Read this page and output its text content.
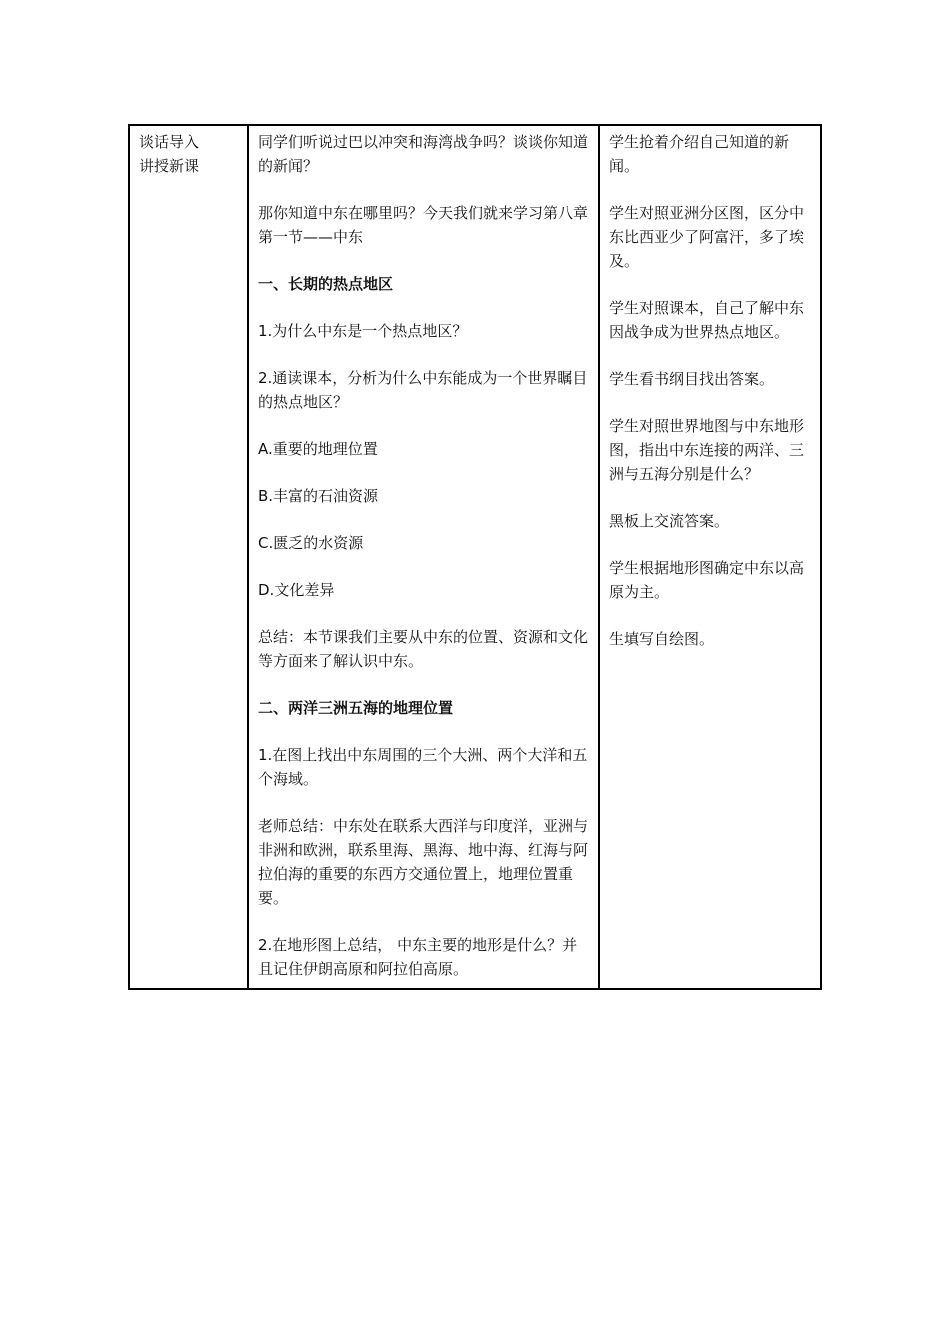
谈话导入
讲授新课

同学们听说过巴以冲突和海湾战争吗？谈谈你知道的新闻？

那你知道中东在哪里吗？今天我们就来学习第八章第一节——中东

一、长期的热点地区

1.为什么中东是一个热点地区？

2.通读课本，分析为什么中东能成为一个世界瞩目的热点地区？

A.重要的地理位置

B.丰富的石油资源

C.匮乏的水资源

D.文化差异

总结：本节课我们主要从中东的位置、资源和文化等方面来了解认识中东。

二、两洋三洲五海的地理位置

1.在图上找出中东周围的三个大洲、两个大洋和五个海域。

老师总结：中东处在联系大西洋与印度洋，亚洲与非洲和欧洲，联系里海、黑海、地中海、红海与阿拉伯海的重要的东西方交通位置上，地理位置重要。

2.在地形图上总结， 中东主要的地形是什么？并且记住伊朗高原和阿拉伯高原。

学生抢着介绍自己知道的新闻。

学生对照亚洲分区图，区分中东比西亚少了阿富汗，多了埃及。

学生对照课本，自己了解中东因战争成为世界热点地区。

学生看书纲目找出答案。

学生对照世界地图与中东地形图，指出中东连接的两洋、三洲与五海分别是什么？

黑板上交流答案。

学生根据地形图确定中东以高原为主。

生填写自绘图。
